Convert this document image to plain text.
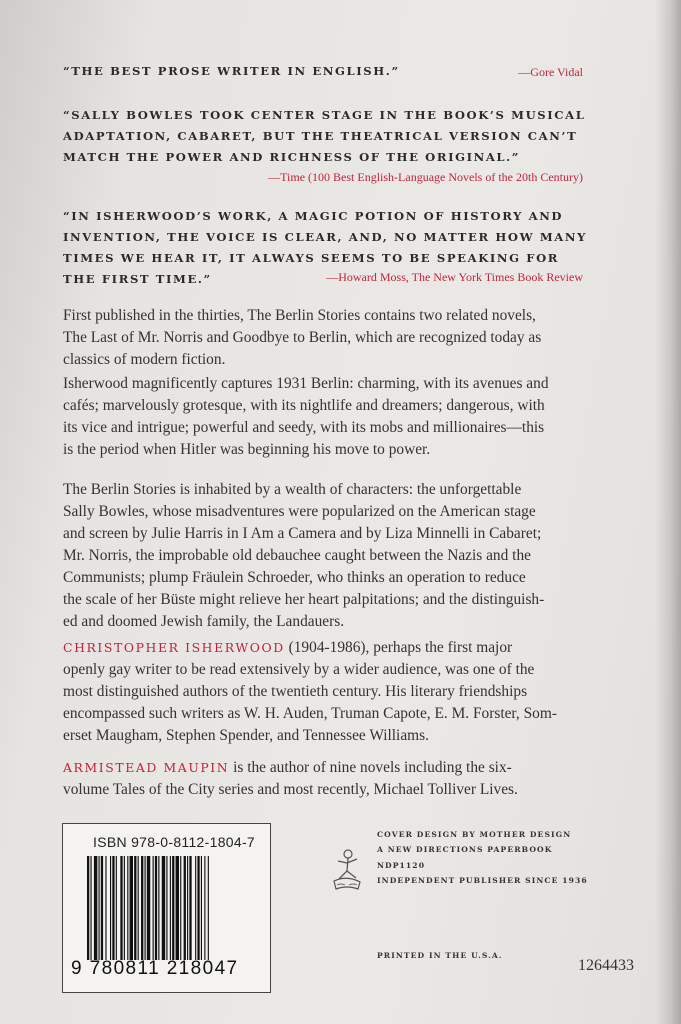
“THE BEST PROSE WRITER IN ENGLISH.”	—Gore Vidal
“SALLY BOWLES TOOK CENTER STAGE IN THE BOOK’S MUSICAL
ADAPTATION, CABARET, BUT THE THEATRICAL VERSION CAN’T
MATCH THE POWER AND RICHNESS OF THE ORIGINAL.”
—Time (100 Best English-Language Novels of the 20th Century)
“IN ISHERWOOD’S WORK, A MAGIC POTION OF HISTORY AND
INVENTION, THE VOICE IS CLEAR, AND, NO MATTER HOW MANY
TIMES WE HEAR IT, IT ALWAYS SEEMS TO BE SPEAKING FOR
THE FIRST TIME.”	—Howard Moss, The New York Times Book Review
First published in the thirties, The Berlin Stories contains two related novels,
The Last of Mr. Norris and Goodbye to Berlin, which are recognized today as
classics of modern fiction.
Isherwood magnificently captures 1931 Berlin: charming, with its avenues and
cafés; marvelously grotesque, with its nightlife and dreamers; dangerous, with
its vice and intrigue; powerful and seedy, with its mobs and millionaires—this
is the period when Hitler was beginning his move to power.
The Berlin Stories is inhabited by a wealth of characters: the unforgettable
Sally Bowles, whose misadventures were popularized on the American stage
and screen by Julie Harris in I Am a Camera and by Liza Minnelli in Cabaret;
Mr. Norris, the improbable old debauchee caught between the Nazis and the
Communists; plump Fräulein Schroeder, who thinks an operation to reduce
the scale of her Büste might relieve her heart palpitations; and the distinguish-
ed and doomed Jewish family, the Landauers.
CHRISTOPHER ISHERWOOD (1904-1986), perhaps the first major
openly gay writer to be read extensively by a wider audience, was one of the
most distinguished authors of the twentieth century. His literary friendships
encompassed such writers as W. H. Auden, Truman Capote, E. M. Forster, Som-
erset Maugham, Stephen Spender, and Tennessee Williams.
ARMISTEAD MAUPIN is the author of nine novels including the six-
volume Tales of the City series and most recently, Michael Tolliver Lives.
ISBN 978-0-8112-1804-7
9 780811 218047
COVER DESIGN BY MOTHER DESIGN
A NEW DIRECTIONS PAPERBOOK
NDP1120
INDEPENDENT PUBLISHER SINCE 1936
PRINTED IN THE U.S.A.
1264433
